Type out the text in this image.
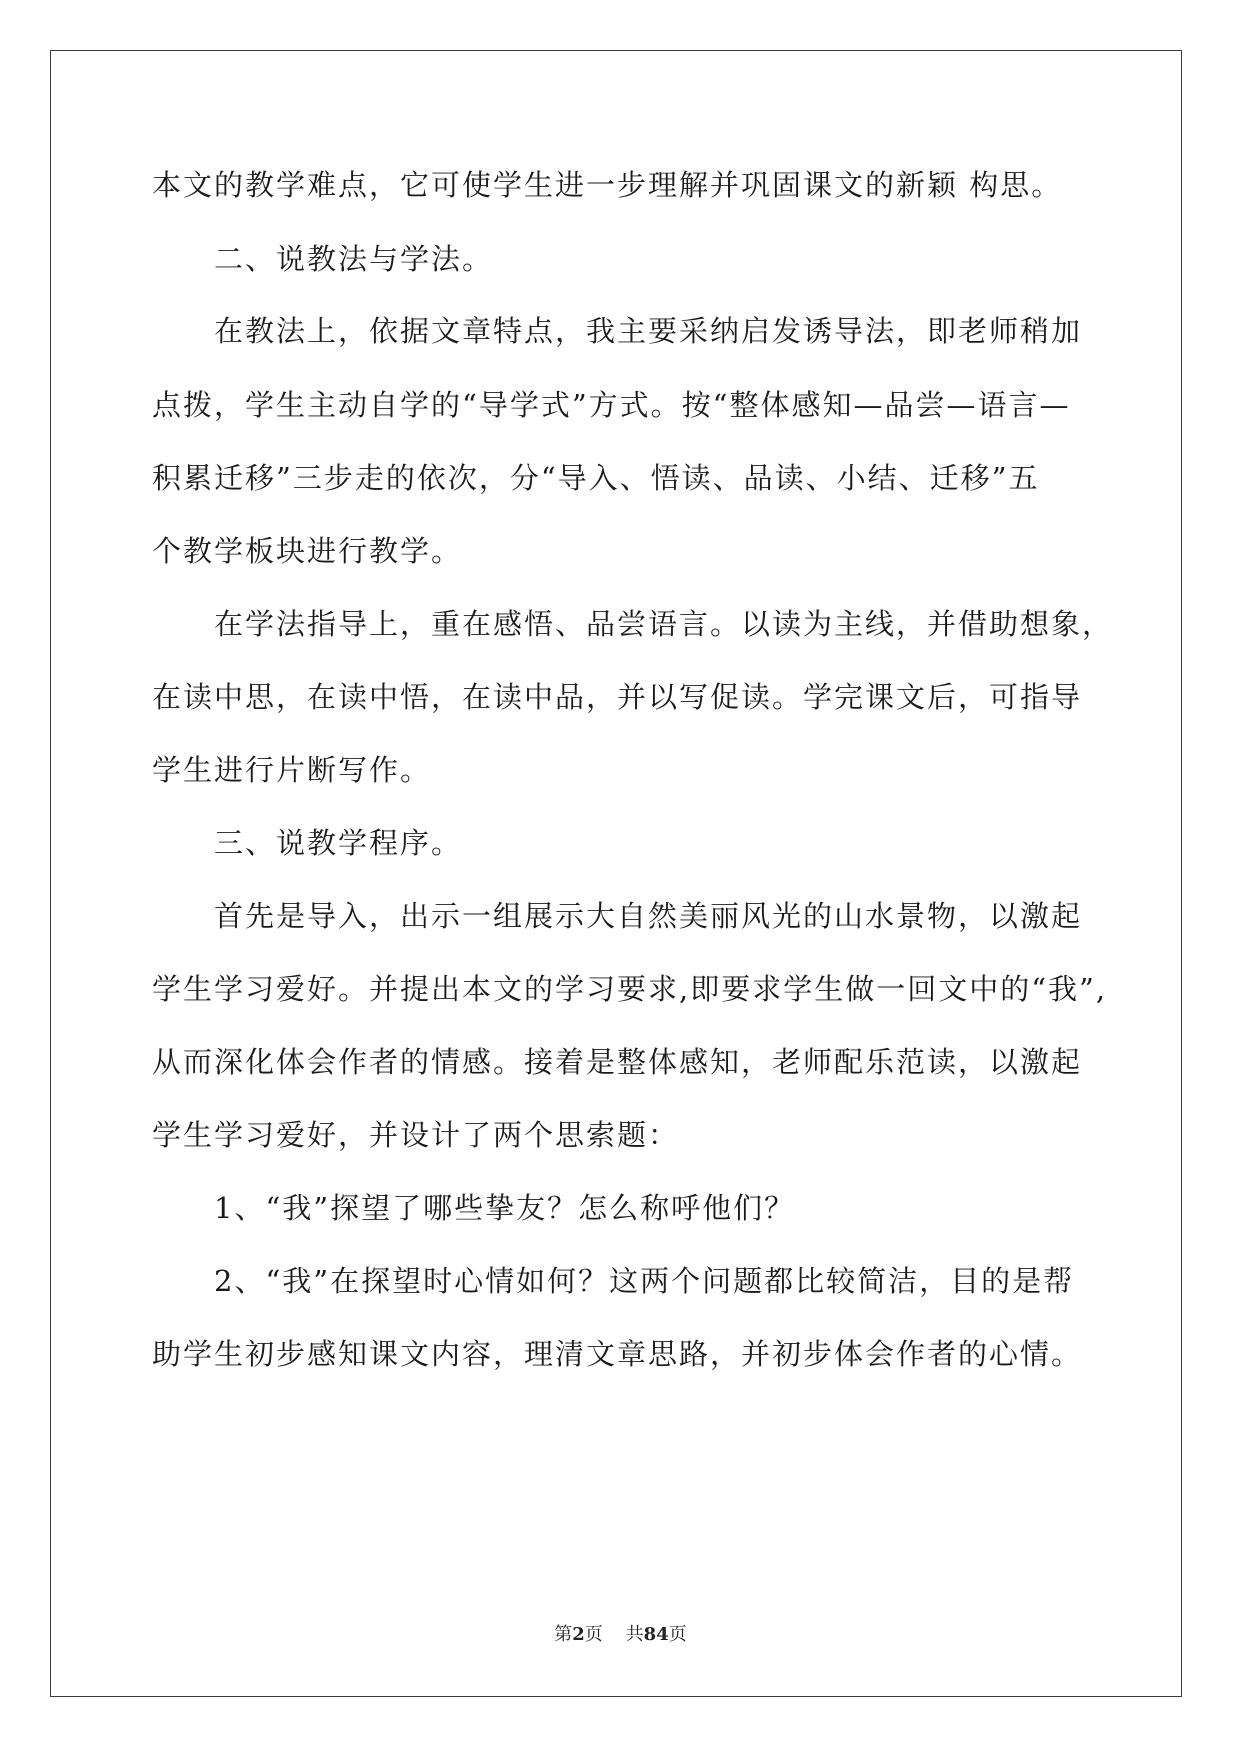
本文的教学难点，它可使学生进一步理解并巩固课文的新颖 构思。
　　二、说教法与学法。
　　在教法上，依据文章特点，我主要采纳启发诱导法，即老师稍加
点拨，学生主动自学的“导学式”方式。按“整体感知—品尝—语言—
积累迁移”三步走的依次，分“导入、悟读、品读、小结、迁移”五
个教学板块进行教学。
　　在学法指导上，重在感悟、品尝语言。以读为主线，并借助想象，
在读中思，在读中悟，在读中品，并以写促读。学完课文后，可指导
学生进行片断写作。
　　三、说教学程序。
　　首先是导入，出示一组展示大自然美丽风光的山水景物，以激起
学生学习爱好。并提出本文的学习要求,即要求学生做一回文中的“我”,
从而深化体会作者的情感。接着是整体感知，老师配乐范读，以激起
学生学习爱好，并设计了两个思索题：
　　1、“我”探望了哪些挚友？怎么称呼他们？
　　2、“我”在探望时心情如何？这两个问题都比较简洁，目的是帮
助学生初步感知课文内容，理清文章思路，并初步体会作者的心情。
第2页 共84页
